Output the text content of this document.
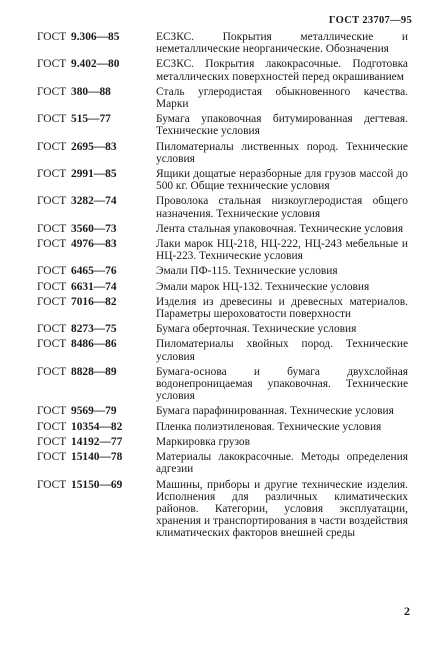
ГОСТ 23707—95
ГОСТ 9.306—85	ЕСЗКС. Покрытия металлические и неметаллические неорганические. Обозначения
ГОСТ 9.402—80	ЕСЗКС. Покрытия лакокрасочные. Подготовка металлических поверхностей перед окрашиванием
ГОСТ 380—88	Сталь углеродистая обыкновенного качества. Марки
ГОСТ 515—77	Бумага упаковочная битумированная дегтевая. Технические условия
ГОСТ 2695—83	Пиломатериалы лиственных пород. Технические условия
ГОСТ 2991—85	Ящики дощатые неразборные для грузов массой до 500 кг. Общие технические условия
ГОСТ 3282—74	Проволока стальная низкоуглеродистая общего назначения. Технические условия
ГОСТ 3560—73	Лента стальная упаковочная. Технические условия
ГОСТ 4976—83	Лаки марок НЦ-218, НЦ-222, НЦ-243 мебельные и НЦ-223. Технические условия
ГОСТ 6465—76	Эмали ПФ-115. Технические условия
ГОСТ 6631—74	Эмали марок НЦ-132. Технические условия
ГОСТ 7016—82	Изделия из древесины и древесных материалов. Параметры шероховатости поверхности
ГОСТ 8273—75	Бумага оберточная. Технические условия
ГОСТ 8486—86	Пиломатериалы хвойных пород. Технические условия
ГОСТ 8828—89	Бумага-основа и бумага двухслойная водонепроницаемая упаковочная. Технические условия
ГОСТ 9569—79	Бумага парафинированная. Технические условия
ГОСТ 10354—82	Пленка полиэтиленовая. Технические условия
ГОСТ 14192—77	Маркировка грузов
ГОСТ 15140—78	Материалы лакокрасочные. Методы определения адгезии
ГОСТ 15150—69	Машины, приборы и другие технические изделия. Исполнения для различных климатических районов. Категории, условия эксплуатации, хранения и транспортирования в части воздействия климатических факторов внешней среды
2
